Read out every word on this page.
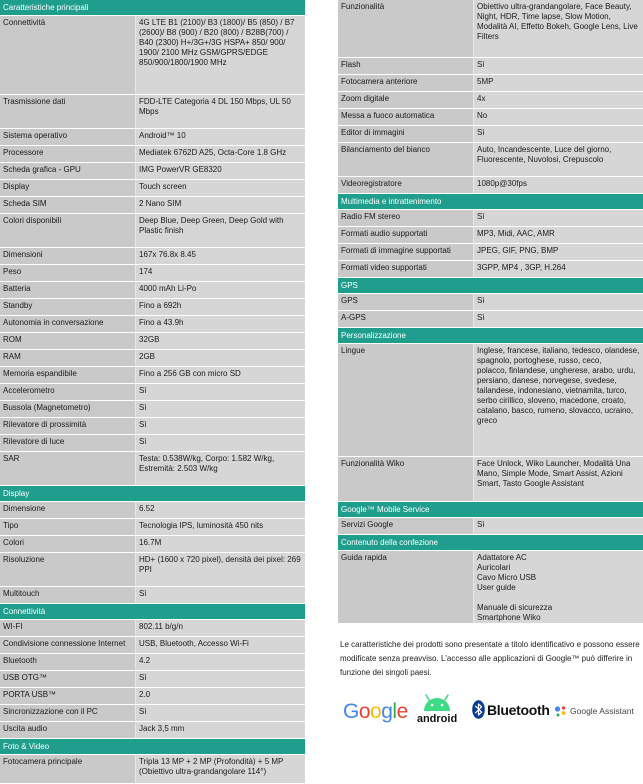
Caratteristiche principali
Connettività	4G LTE B1 (2100)/ B3 (1800)/ B5 (850) / B7
(2600)/ B8 (900) / B20 (800) / B28B(700) / B40 (2300) H+/3G+/3G HSPA+ 850/ 900/ 1900/ 2100 MHz GSM/GPRS/EDGE 850/900/1800/1900 MHz
Trasmissione dati	FDD-LTE Categoria 4 DL 150 Mbps, UL 50 Mbps
Sistema operativo	Android™ 10
Processore	Mediatek 6762D A25, Octa-Core 1.8 GHz
Scheda grafica - GPU	IMG PowerVR GE8320
Display	Touch screen
Scheda SIM	2 Nano SIM
Colori disponibili	Deep Blue, Deep Green, Deep Gold with Plastic finish
Dimensioni	167x 76.8x 8.45
Peso	174
Batteria	4000 mAh Li-Po
Standby	Fino a 692h
Autonomia in conversazione	Fino a 43.9h
ROM	32GB
RAM	2GB
Memoria espandibile	Fino a 256 GB con micro SD
Accelerometro	Sì
Bussola (Magnetometro)	Sì
Rilevatore di prossimità	Sì
Rilevatore di luce	Sì
SAR	Testa: 0.538W/kg, Corpo: 1.582 W/kg, Estremità: 2.503 W/kg
Display
Dimensione	6.52
Tipo	Tecnologia IPS, luminosità 450 nits
Colori	16.7M
Risoluzione	HD+ (1600 x 720 pixel), densità dei pixel: 269
PPI
Multitouch	Sì
Connettività
WI-FI	802.11 b/g/n
Condivisione connessione Internet	USB, Bluetooth, Accesso Wi-Fi
Bluetooth	4.2
USB OTG™	Sì
PORTA USB™	2.0
Sincronizzazione con il PC	Sì
Uscita audio	Jack 3,5 mm
Foto & Video
Fotocamera principale	Tripla 13 MP + 2 MP (Profondità) + 5 MP (Obiettivo ultra-grandangolare 114°)
Funzionalità	Obiettivo ultra-grandangolare, Face Beauty, Night, HDR, Time lapse, Slow Motion, Modalità AI, Effetto Bokeh, Google Lens, Live
Filters
Flash	Sì
Fotocamera anteriore	5MP
Zoom digitale	4x
Messa a fuoco automatica	No
Editor di immagini	Sì
Bilanciamento del bianco	Auto, Incandescente, Luce del giorno, Fluorescente, Nuvolosi, Crepuscolo
Videoregistratore	1080p@30fps
Multimedia e intrattenimento
Radio FM stereo	Sì
Formati audio supportati	MP3, Midi, AAC, AMR
Formati di immagine supportati	JPEG, GIF, PNG, BMP
Formati video supportati	3GPP, MP4 , 3GP, H.264
GPS
GPS	Sì
A-GPS	Sì
Personalizzazione
Lingue	Inglese, francese, italiano, tedesco, olandese, spagnolo, portoghese, russo, ceco,
polacco, finlandese, ungherese, arabo, urdu,
persiano, danese, norvegese, svedese, tailandese, indonesiano, vietnamita, turco, serbo cirillico, sloveno, macedone, croato, catalano, basco, rumeno, slovacco, ucraino,
greco
Funzionalità Wiko	Face Unlock, Wiko Launcher, Modalità Una Mano, Simple Mode, Smart Assist, Azioni Smart, Tasto Google Assistant
Google™ Mobile Service
Servizi Google	Sì
Contenuto della confezione
Guida rapida	Adattatore AC
Auricolari
Cavo Micro USB
User guide

Manuale di sicurezza
Smartphone Wiko
Le caratteristiche dei prodotti sono presentate a titolo identificativo e possono essere modificate senza preavviso. L'accesso alle applicazioni di Google™ può differire in funzione dei singoli paesi.
Google android
Bluetooth Google Assistant
